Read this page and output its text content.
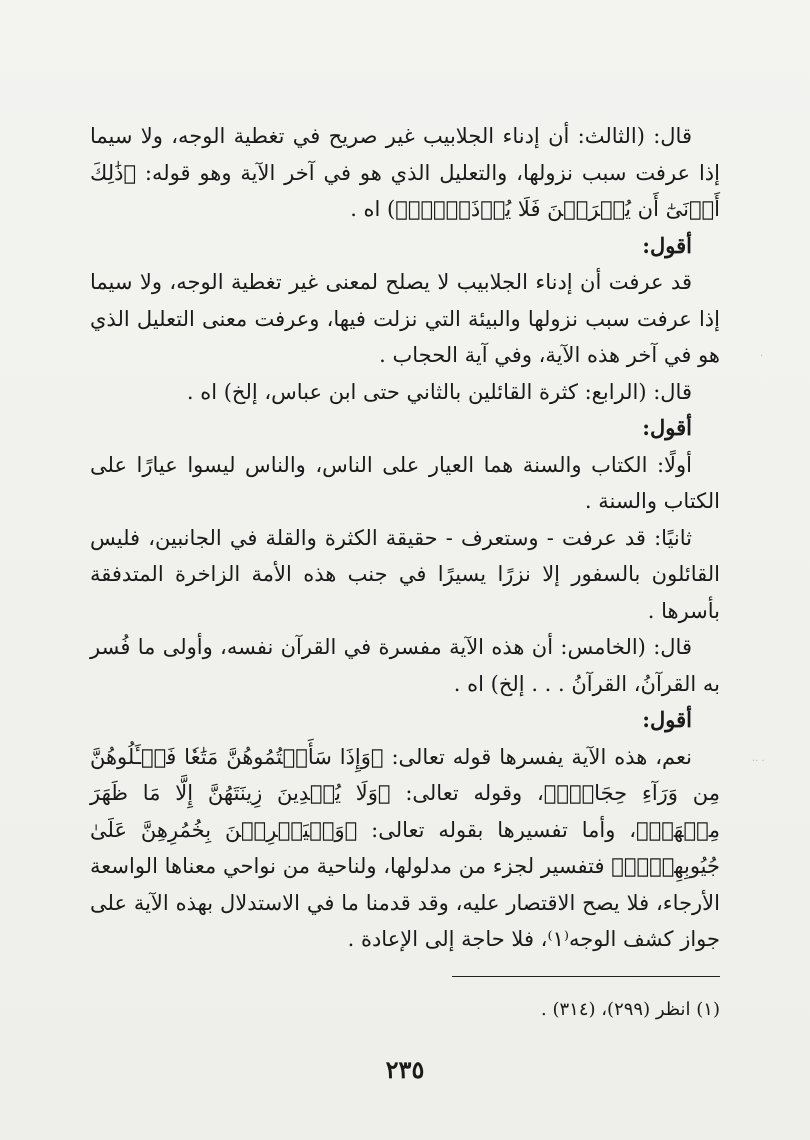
قال: (الثالث: أن إدناء الجلابيب غير صريح في تغطية الوجه، ولا سيما إذا عرفت سبب نزولها، والتعليل الذي هو في آخر الآية وهو قوله: ﴿ذَٰلِكَ أَدۡنَىٰٓ أَن يُعۡرَفۡنَ فَلَا يُؤۡذَيۡنَۗ﴾) اه .

أقول:

قد عرفت أن إدناء الجلابيب لا يصلح لمعنى غير تغطية الوجه، ولا سيما إذا عرفت سبب نزولها والبيئة التي نزلت فيها، وعرفت معنى التعليل الذي هو في آخر هذه الآية، وفي آية الحجاب .

قال: (الرابع: كثرة القائلين بالثاني حتى ابن عباس، إلخ) اه .

أقول:

أولًا: الكتاب والسنة هما العيار على الناس، والناس ليسوا عيارًا على الكتاب والسنة .

ثانيًا: قد عرفت - وستعرف - حقيقة الكثرة والقلة في الجانبين، فليس القائلون بالسفور إلا نزرًا يسيرًا في جنب هذه الأمة الزاخرة المتدفقة بأسرها .

قال: (الخامس: أن هذه الآية مفسرة في القرآن نفسه، وأولى ما فُسر به القرآنُ، القرآنُ . . . إلخ) اه .

أقول:

نعم، هذه الآية يفسرها قوله تعالى: ﴿وَإِذَا سَأَلۡتُمُوهُنَّ مَتَٰعٗا فَسۡـَٔلُوهُنَّ مِن وَرَآءِ حِجَابٖۚ﴾، وقوله تعالى: ﴿وَلَا يُبۡدِينَ زِينَتَهُنَّ إِلَّا مَا ظَهَرَ مِنۡهَاۖ﴾، وأما تفسيرها بقوله تعالى: ﴿وَلۡيَضۡرِبۡنَ بِخُمُرِهِنَّ عَلَىٰ جُيُوبِهِنَّۖ﴾ فتفسير لجزء من مدلولها، ولناحية من نواحي معناها الواسعة الأرجاء، فلا يصح الاقتصار عليه، وقد قدمنا ما في الاستدلال بهذه الآية على جواز كشف الوجه⁽١⁾، فلا حاجة إلى الإعادة .

(١) انظر (٢٩٩)، (٣١٤) .
٢٣٥
·· ·
·
